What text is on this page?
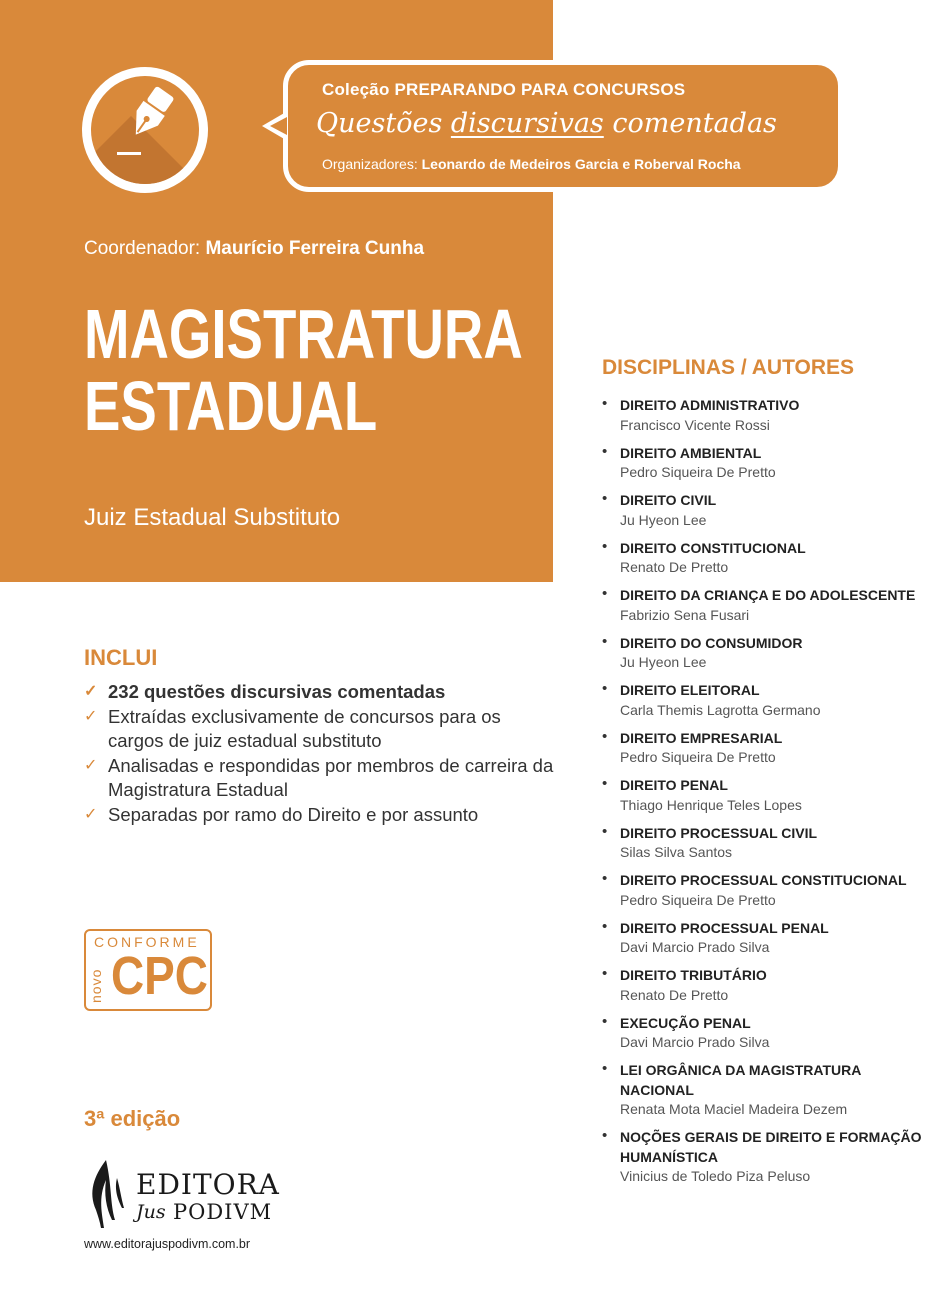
Coleção PREPARANDO PARA CONCURSOS
Questões discursivas comentadas
Organizadores: Leonardo de Medeiros Garcia e Roberval Rocha
Coordenador: Maurício Ferreira Cunha
MAGISTRATURA
ESTADUAL
Juiz Estadual Substituto
INCLUI
✓ 232 questões discursivas comentadas
✓ Extraídas exclusivamente de concursos para os cargos de juiz estadual substituto
✓ Analisadas e respondidas por membros de carreira da Magistratura Estadual
✓ Separadas por ramo do Direito e por assunto
CONFORME
novo CPC
3ª edição
EDITORA
Jus PODIVM
www.editorajuspodivm.com.br
DISCIPLINAS / AUTORES
• DIREITO ADMINISTRATIVO
Francisco Vicente Rossi
• DIREITO AMBIENTAL
Pedro Siqueira De Pretto
• DIREITO CIVIL
Ju Hyeon Lee
• DIREITO CONSTITUCIONAL
Renato De Pretto
• DIREITO DA CRIANÇA E DO ADOLESCENTE
Fabrizio Sena Fusari
• DIREITO DO CONSUMIDOR
Ju Hyeon Lee
• DIREITO ELEITORAL
Carla Themis Lagrotta Germano
• DIREITO EMPRESARIAL
Pedro Siqueira De Pretto
• DIREITO PENAL
Thiago Henrique Teles Lopes
• DIREITO PROCESSUAL CIVIL
Silas Silva Santos
• DIREITO PROCESSUAL CONSTITUCIONAL
Pedro Siqueira De Pretto
• DIREITO PROCESSUAL PENAL
Davi Marcio Prado Silva
• DIREITO TRIBUTÁRIO
Renato De Pretto
• EXECUÇÃO PENAL
Davi Marcio Prado Silva
• LEI ORGÂNICA DA MAGISTRATURA NACIONAL
Renata Mota Maciel Madeira Dezem
• NOÇÕES GERAIS DE DIREITO E FORMAÇÃO HUMANÍSTICA
Vinicius de Toledo Piza Peluso
